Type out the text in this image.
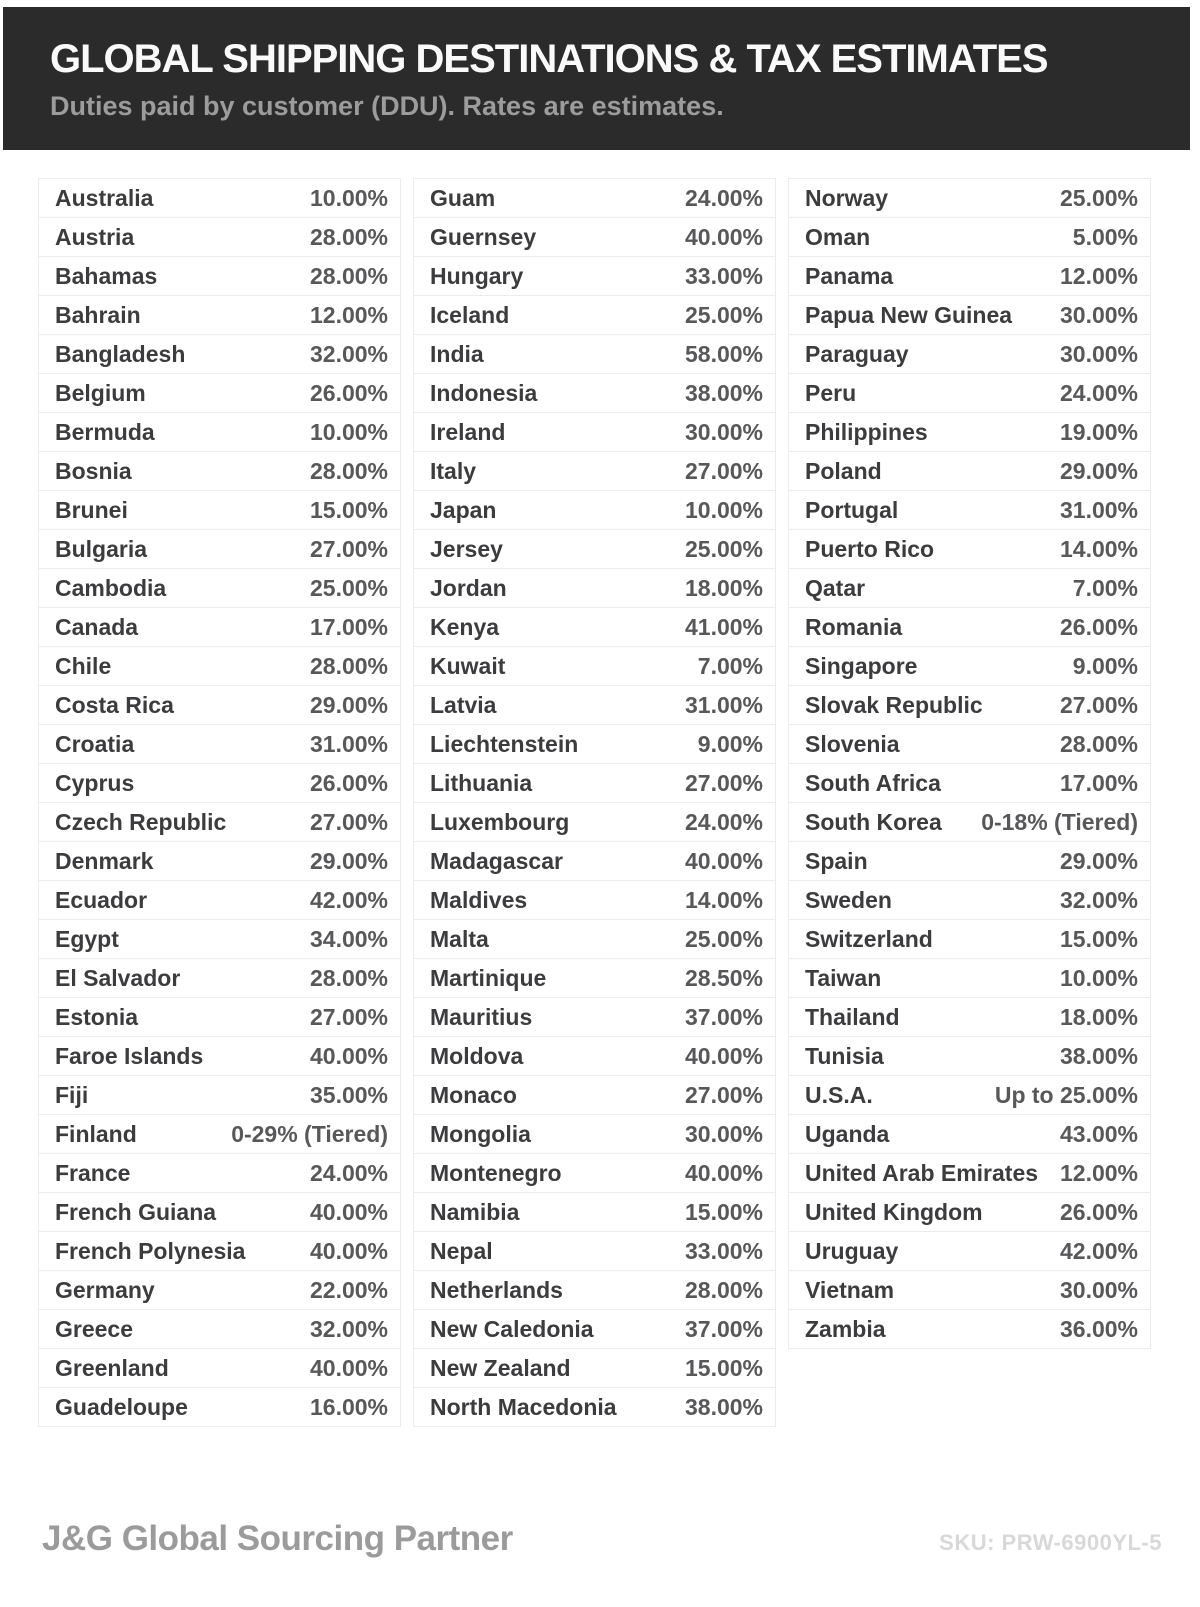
GLOBAL SHIPPING DESTINATIONS & TAX ESTIMATES
Duties paid by customer (DDU). Rates are estimates.
Australia	10.00%
Austria	28.00%
Bahamas	28.00%
Bahrain	12.00%
Bangladesh	32.00%
Belgium	26.00%
Bermuda	10.00%
Bosnia	28.00%
Brunei	15.00%
Bulgaria	27.00%
Cambodia	25.00%
Canada	17.00%
Chile	28.00%
Costa Rica	29.00%
Croatia	31.00%
Cyprus	26.00%
Czech Republic	27.00%
Denmark	29.00%
Ecuador	42.00%
Egypt	34.00%
El Salvador	28.00%
Estonia	27.00%
Faroe Islands	40.00%
Fiji	35.00%
Finland	0-29% (Tiered)
France	24.00%
French Guiana	40.00%
French Polynesia	40.00%
Germany	22.00%
Greece	32.00%
Greenland	40.00%
Guadeloupe	16.00%
Guam	24.00%
Guernsey	40.00%
Hungary	33.00%
Iceland	25.00%
India	58.00%
Indonesia	38.00%
Ireland	30.00%
Italy	27.00%
Japan	10.00%
Jersey	25.00%
Jordan	18.00%
Kenya	41.00%
Kuwait	7.00%
Latvia	31.00%
Liechtenstein	9.00%
Lithuania	27.00%
Luxembourg	24.00%
Madagascar	40.00%
Maldives	14.00%
Malta	25.00%
Martinique	28.50%
Mauritius	37.00%
Moldova	40.00%
Monaco	27.00%
Mongolia	30.00%
Montenegro	40.00%
Namibia	15.00%
Nepal	33.00%
Netherlands	28.00%
New Caledonia	37.00%
New Zealand	15.00%
North Macedonia	38.00%
Norway	25.00%
Oman	5.00%
Panama	12.00%
Papua New Guinea 30.00%
Paraguay	30.00%
Peru	24.00%
Philippines	19.00%
Poland	29.00%
Portugal	31.00%
Puerto Rico	14.00%
Qatar	7.00%
Romania	26.00%
Singapore	9.00%
Slovak Republic	27.00%
Slovenia	28.00%
South Africa	17.00%
South Korea 0-18% (Tiered)
Spain	29.00%
Sweden	32.00%
Switzerland	15.00%
Taiwan	10.00%
Thailand	18.00%
Tunisia	38.00%
U.S.A.	Up to 25.00%
Uganda	43.00%
United Arab Emirates 12.00%
United Kingdom	26.00%
Uruguay	42.00%
Vietnam	30.00%
Zambia	36.00%
J&G Global Sourcing Partner	SKU: PRW-6900YL-5
